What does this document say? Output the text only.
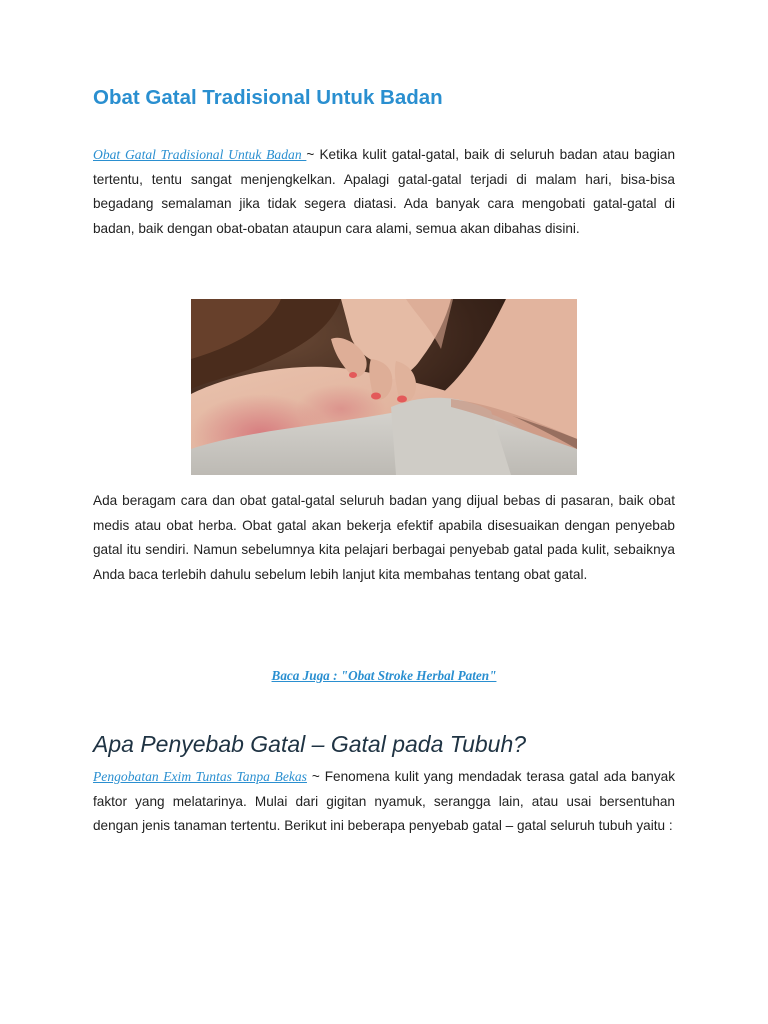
Obat Gatal Tradisional Untuk Badan

Obat Gatal Tradisional Untuk Badan ~ Ketika kulit gatal-gatal, baik di seluruh badan atau bagian tertentu, tentu sangat menjengkelkan. Apalagi gatal-gatal terjadi di malam hari, bisa-bisa begadang semalaman jika tidak segera diatasi. Ada banyak cara mengobati gatal-gatal di badan, baik dengan obat-obatan ataupun cara alami, semua akan dibahas disini.

Ada beragam cara dan obat gatal-gatal seluruh badan yang dijual bebas di pasaran, baik obat medis atau obat herba. Obat gatal akan bekerja efektif apabila disesuaikan dengan penyebab gatal itu sendiri. Namun sebelumnya kita pelajari berbagai penyebab gatal pada kulit, sebaiknya Anda baca terlebih dahulu sebelum lebih lanjut kita membahas tentang obat gatal.

Baca Juga : "Obat Stroke Herbal Paten"

Apa Penyebab Gatal – Gatal pada Tubuh?

Pengobatan Exim Tuntas Tanpa Bekas ~ Fenomena kulit yang mendadak terasa gatal ada banyak faktor yang melatarinya. Mulai dari gigitan nyamuk, serangga lain, atau usai bersentuhan dengan jenis tanaman tertentu. Berikut ini beberapa penyebab gatal – gatal seluruh tubuh yaitu :
